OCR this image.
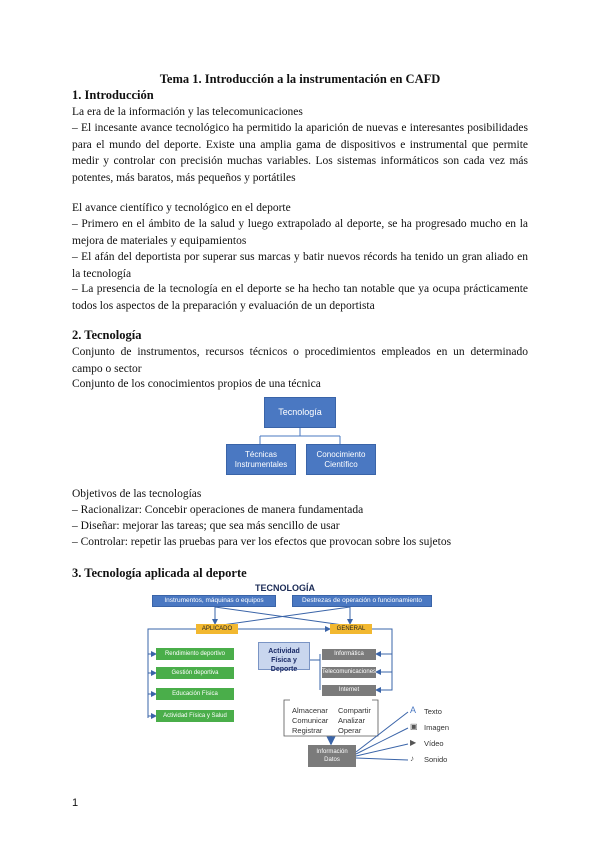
Tema 1. Introducción a la instrumentación en CAFD
1. Introducción
La era de la información y las telecomunicaciones
– El incesante avance tecnológico ha permitido la aparición de nuevas e interesantes posibilidades para el mundo del deporte. Existe una amplia gama de dispositivos e instrumental que permite medir y controlar con precisión muchas variables. Los sistemas informáticos son cada vez más potentes, más baratos, más pequeños y portátiles
El avance científico y tecnológico en el deporte
– Primero en el ámbito de la salud y luego extrapolado al deporte, se ha progresado mucho en la mejora de materiales y equipamientos
– El afán del deportista por superar sus marcas y batir nuevos récords ha tenido un gran aliado en la tecnología
– La presencia de la tecnología en el deporte se ha hecho tan notable que ya ocupa prácticamente todos los aspectos de la preparación y evaluación de un deportista
2. Tecnología
Conjunto de instrumentos, recursos técnicos o procedimientos empleados en un determinado campo o sector
Conjunto de los conocimientos propios de una técnica
Tecnología
Técnicas Instrumentales
Conocimiento Científico
Objetivos de las tecnologías
– Racionalizar: Concebir operaciones de manera fundamentada
– Diseñar: mejorar las tareas; que sea más sencillo de usar
– Controlar: repetir las pruebas para ver los efectos que provocan sobre los sujetos
3. Tecnología aplicada al deporte
TECNOLOGÍA
Instrumentos, máquinas o equipos	Destrezas de operación o funcionamiento
APLICADO	GENERAL
Rendimiento deportivo
Gestión deportiva
Educación Física
Actividad Física y Salud
Actividad Física y Deporte
Informática
Telecomunicaciones
Internet
Almacenar
Comunicar
Registrar
Compartir
Analizar
Operar
Información Datos
A Texto
▣ Imagen
▶ Vídeo
♪ Sonido
1
